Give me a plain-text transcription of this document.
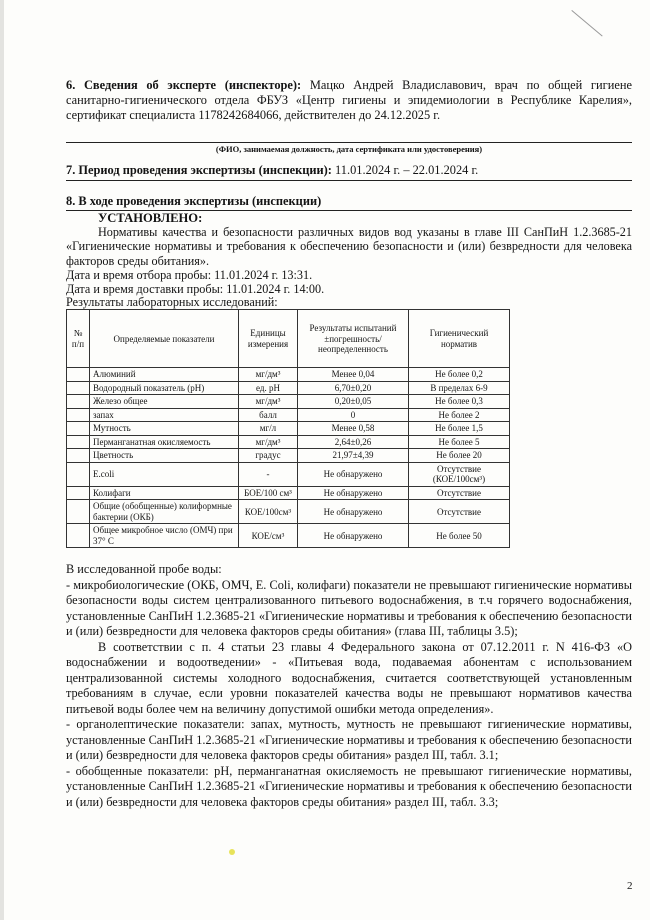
6. Сведения об эксперте (инспекторе): Мацко Андрей Владиславович, врач по общей гигиене санитарно-гигиенического отдела ФБУЗ «Центр гигиены и эпидемиологии в Республике Карелия», сертификат специалиста 1178242684066, действителен до 24.12.2025 г.

(ФИО, занимаемая должность, дата сертификата или удостоверения)

7. Период проведения экспертизы (инспекции): 11.01.2024 г. – 22.01.2024 г.

8. В ходе проведения экспертизы (инспекции)

УСТАНОВЛЕНО:

Нормативы качества и безопасности различных видов вод указаны в главе III СанПиН 1.2.3685-21 «Гигиенические нормативы и требования к обеспечению безопасности и (или) безвредности для человека факторов среды обитания».

Дата и время отбора пробы: 11.01.2024 г. 13:31.

Дата и время доставки пробы: 11.01.2024 г. 14:00.

Результаты лабораторных исследований:

№ п/п	Определяемые показатели	Единицы измерения	Результаты испытаний ±погрешность/ неопределенность	Гигиенический норматив
	Алюминий	мг/дм³	Менее 0,04	Не более 0,2
	Водородный показатель (pH)	ед. pH	6,70±0,20	В пределах 6-9
	Железо общее	мг/дм³	0,20±0,05	Не более 0,3
	запах	балл	0	Не более 2
	Мутность	мг/л	Менее 0,58	Не более 1,5
	Перманганатная окисляемость	мг/дм³	2,64±0,26	Не более 5
	Цветность	градус	21,97±4,39	Не более 20
	E.coli	-	Не обнаружено	Отсутствие (КОЕ/100см³)
	Колифаги	БОЕ/100 см³	Не обнаружено	Отсутствие
	Общие (обобщенные) колиформные бактерии (ОКБ)	КОЕ/100см³	Не обнаружено	Отсутствие
	Общее микробное число (ОМЧ) при 37° С	КОЕ/см³	Не обнаружено	Не более 50

В исследованной пробе воды:

- микробиологические (ОКБ, ОМЧ, E. Coli, колифаги) показатели не превышают гигиенические нормативы безопасности воды систем централизованного питьевого водоснабжения, в т.ч горячего водоснабжения, установленные СанПиН 1.2.3685-21 «Гигиенические нормативы и требования к обеспечению безопасности и (или) безвредности для человека факторов среды обитания» (глава III, таблицы 3.5);

В соответствии с п. 4 статьи 23 главы 4 Федерального закона от 07.12.2011 г. N 416-ФЗ «О водоснабжении и водоотведении» - «Питьевая вода, подаваемая абонентам с использованием централизованной системы холодного водоснабжения, считается соответствующей установленным требованиям в случае, если уровни показателей качества воды не превышают нормативов качества питьевой воды более чем на величину допустимой ошибки метода определения».

- органолептические показатели: запах, мутность, мутность не превышают гигиенические нормативы, установленные СанПиН 1.2.3685-21 «Гигиенические нормативы и требования к обеспечению безопасности и (или) безвредности для человека факторов среды обитания» раздел III, табл. 3.1;

- обобщенные показатели: pH, перманганатная окисляемость не превышают гигиенические нормативы, установленные СанПиН 1.2.3685-21 «Гигиенические нормативы и требования к обеспечению безопасности и (или) безвредности для человека факторов среды обитания» раздел III, табл. 3.3;

2
